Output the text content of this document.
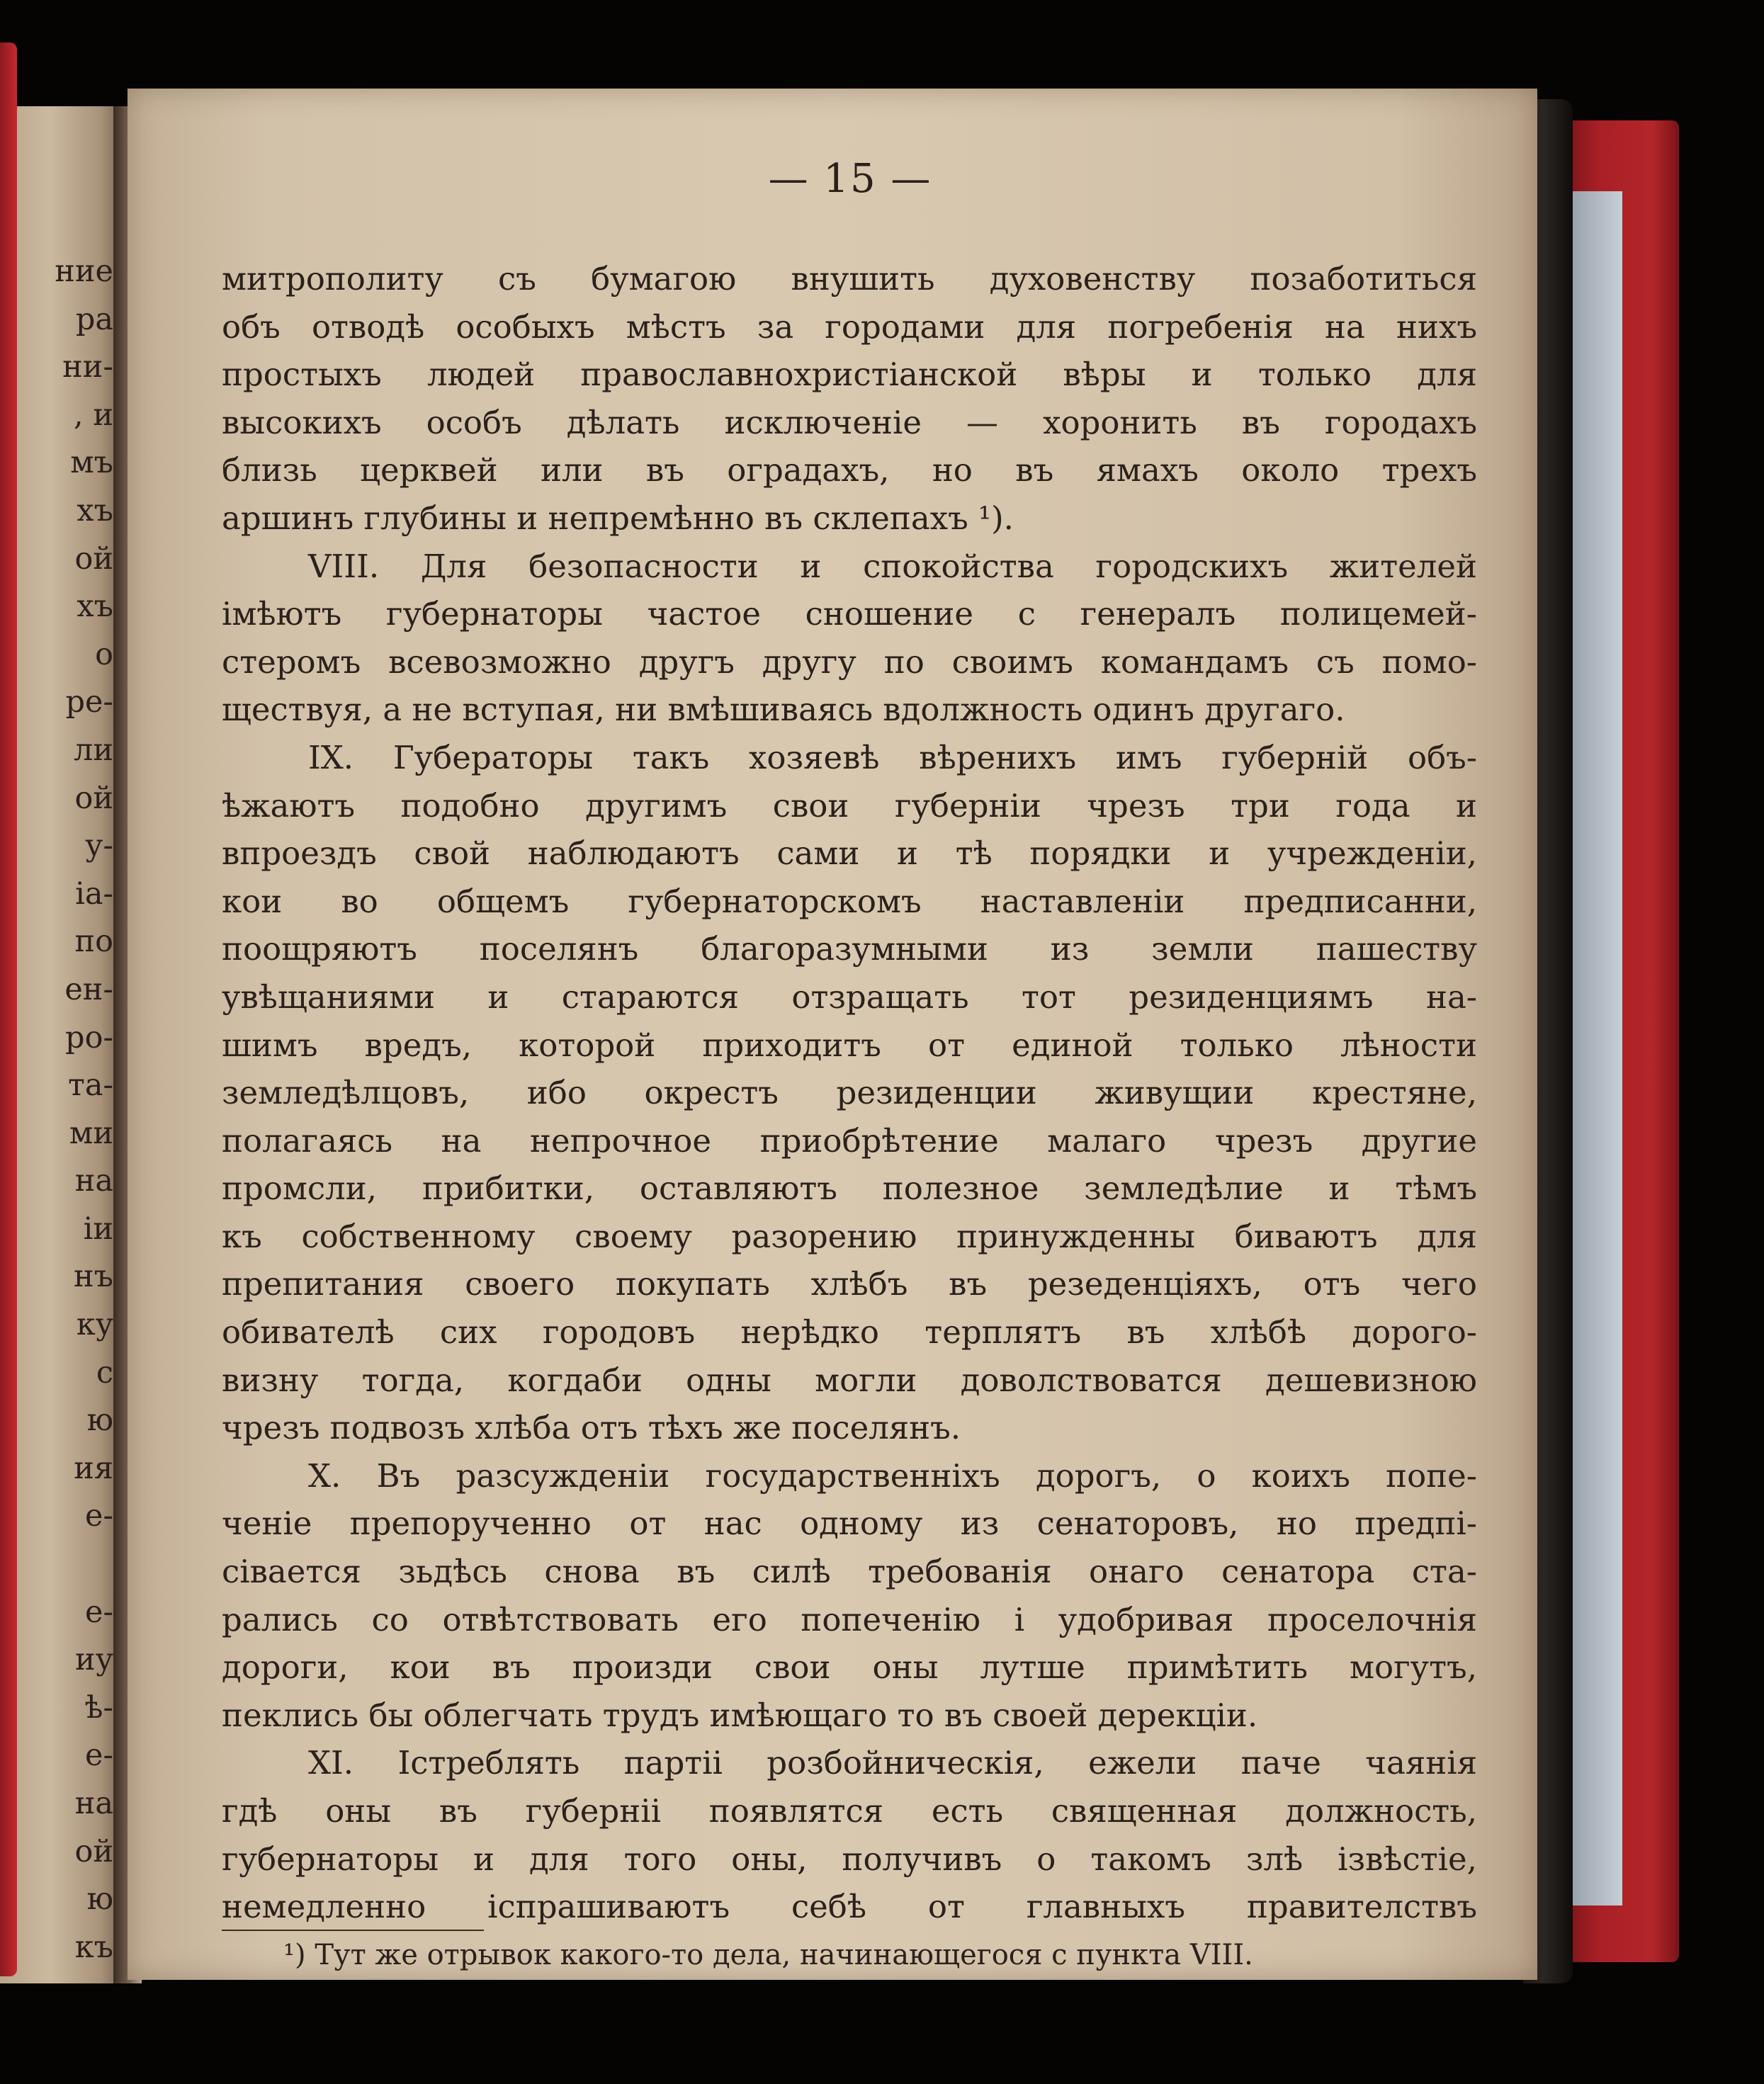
ние
ра
ни-
, и
мъ
хъ
ой
хъ
о
ре-
ли
ой
у-
ia-
по
ен-
ро-
та-
ми
на
іи
нъ
ку
с
ю
ия
е-
е-
иу
ѣ-
е-
на
ой
ю
къ
— 15 —
митрополиту съ бумагою внушить духовенству позаботиться
объ отводѣ особыхъ мѣстъ за городами для погребенія на нихъ
простыхъ людей православнохристіанской вѣры и только для
высокихъ особъ дѣлать исключеніе — хоронить въ городахъ
близь церквей или въ оградахъ, но въ ямахъ около трехъ
аршинъ глубины и непремѣнно въ склепахъ ¹).
VIII. Для безопасности и спокойства городскихъ жителей
імѣютъ губернаторы частое сношение с генералъ полицемей-
стеромъ всевозможно другъ другу по своимъ командамъ съ помо-
ществуя, а не вступая, ни вмѣшиваясь вдолжность одинъ другаго.
IX. Губераторы такъ хозяевѣ вѣренихъ имъ губерній объ-
ѣжаютъ подобно другимъ свои губерніи чрезъ три года и
впроездъ свой наблюдаютъ сами и тѣ порядки и учрежденіи,
кои во общемъ губернаторскомъ наставленіи предписанни,
поощряютъ поселянъ благоразумными из земли пашеству
увѣщаниями и стараются отзращать тот резиденциямъ на-
шимъ вредъ, которой приходитъ от единой только лѣности
земледѣлцовъ, ибо окрестъ резиденции живущии крестяне,
полагаясь на непрочное приобрѣтение малаго чрезъ другие
промсли, прибитки, оставляютъ полезное земледѣлие и тѣмъ
къ собственному своему разорению принужденны биваютъ для
препитания своего покупать хлѣбъ въ резеденціяхъ, отъ чего
обивателѣ сих городовъ нерѣдко терплятъ въ хлѣбѣ дорого-
визну тогда, когдаби одны могли доволствоватся дешевизною
чрезъ подвозъ хлѣба отъ тѣхъ же поселянъ.
X. Въ разсужденіи государственніхъ дорогъ, о коихъ попе-
ченіе препорученно от нас одному из сенаторовъ, но предпі-
сівается зьдѣсь снова въ силѣ требованія онаго сенатора ста-
рались со отвѣтствовать его попеченію і удобривая проселочнія
дороги, кои въ произди свои оны лутше примѣтить могутъ,
пеклись бы облегчать трудъ имѣющаго то въ своей дерекціи.
XI. Істреблять партіі розбойническія, ежели паче чаянія
гдѣ оны въ губерніі появлятся есть священная должность,
губернаторы и для того оны, получивъ о такомъ злѣ ізвѣстіе,
немедленно іспрашиваютъ себѣ от главныхъ правителствъ
¹) Тут же отрывок какого-то дела, начинающегося с пункта VIII.
